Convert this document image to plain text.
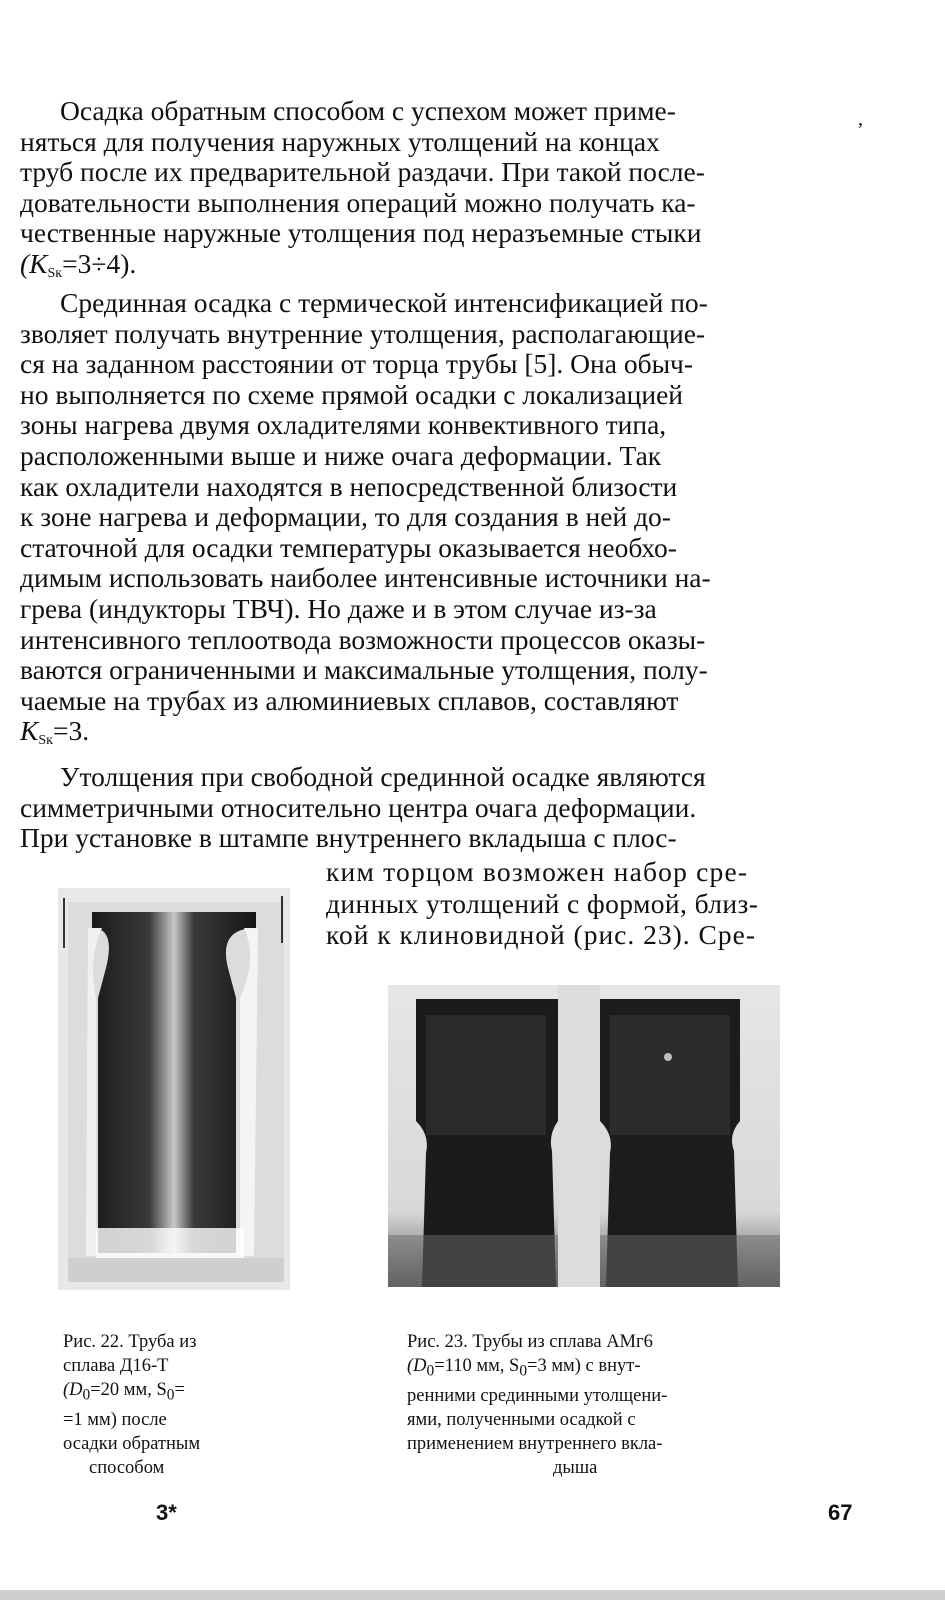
,
Осадка обратным способом с успехом может приме-
няться для получения наружных утолщений на концах
труб после их предварительной раздачи. При такой после-
довательности выполнения операций можно получать ка-
чественные наружные утолщения под неразъемные стыки
$(K_{Sк}=3\div 4)$.
Срединная осадка с термической интенсификацией по-
зволяет получать внутренние утолщения, располагающие-
ся на заданном расстоянии от торца трубы [5]. Она обыч-
но выполняется по схеме прямой осадки с локализацией
зоны нагрева двумя охладителями конвективного типа,
расположенными выше и ниже очага деформации. Так
как охладители находятся в непосредственной близости
к зоне нагрева и деформации, то для создания в ней до-
статочной для осадки температуры оказывается необхо-
димым использовать наиболее интенсивные источники на-
грева (индукторы ТВЧ). Но даже и в этом случае из-за
интенсивного теплоотвода возможности процессов оказы-
ваются ограниченными и максимальные утолщения, полу-
чаемые на трубах из алюминиевых сплавов, составляют
$K_{Sк}=3$.
Утолщения при свободной срединной осадке являются
симметричными относительно центра очага деформации.
При установке в штампе внутреннего вкладыша с плос-
ким торцом возможен набор сре-
динных утолщений с формой, близ-
кой к клиновидной (рис. 23). Сре-
Рис. 22. Труба из
сплава Д16-Т
($D_0=20$ мм, $S_0=$
=1 мм) после
осадки обратным
способом
Рис. 23. Трубы из сплава АМг6
($D_0=110$ мм, $S_0=3$ мм) с внут-
ренними срединными утолщени-
ями, полученными осадкой с
применением внутреннего вкла-
дыша
3*	67
